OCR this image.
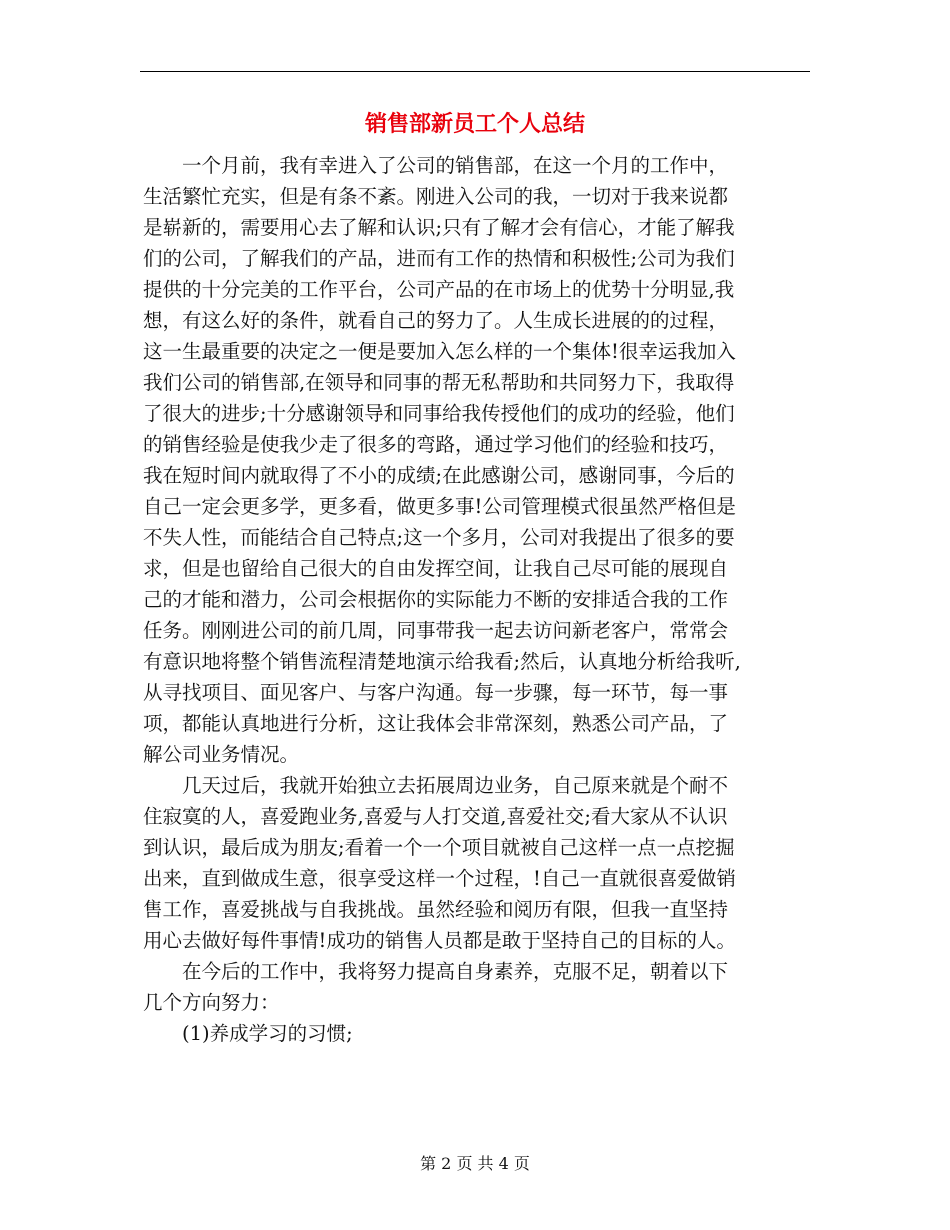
销售部新员工个人总结
　　一个月前，我有幸进入了公司的销售部，在这一个月的工作中，
生活繁忙充实，但是有条不紊。刚进入公司的我，一切对于我来说都
是崭新的，需要用心去了解和认识;只有了解才会有信心，才能了解我
们的公司，了解我们的产品，进而有工作的热情和积极性;公司为我们
提供的十分完美的工作平台，公司产品的在市场上的优势十分明显,我
想，有这么好的条件，就看自己的努力了。人生成长进展的的过程，
这一生最重要的决定之一便是要加入怎么样的一个集体!很幸运我加入
我们公司的销售部,在领导和同事的帮无私帮助和共同努力下，我取得
了很大的进步;十分感谢领导和同事给我传授他们的成功的经验，他们
的销售经验是使我少走了很多的弯路，通过学习他们的经验和技巧，
我在短时间内就取得了不小的成绩;在此感谢公司，感谢同事，今后的
自己一定会更多学，更多看，做更多事!公司管理模式很虽然严格但是
不失人性，而能结合自己特点;这一个多月，公司对我提出了很多的要
求，但是也留给自己很大的自由发挥空间，让我自己尽可能的展现自
己的才能和潜力，公司会根据你的实际能力不断的安排适合我的工作
任务。刚刚进公司的前几周，同事带我一起去访问新老客户，常常会
有意识地将整个销售流程清楚地演示给我看;然后，认真地分析给我听,
从寻找项目、面见客户、与客户沟通。每一步骤，每一环节，每一事
项，都能认真地进行分析，这让我体会非常深刻，熟悉公司产品，了
解公司业务情况。
　　几天过后，我就开始独立去拓展周边业务，自己原来就是个耐不
住寂寞的人，喜爱跑业务,喜爱与人打交道,喜爱社交;看大家从不认识
到认识，最后成为朋友;看着一个一个项目就被自己这样一点一点挖掘
出来，直到做成生意，很享受这样一个过程，!自己一直就很喜爱做销
售工作，喜爱挑战与自我挑战。虽然经验和阅历有限，但我一直坚持
用心去做好每件事情!成功的销售人员都是敢于坚持自己的目标的人。
　　在今后的工作中，我将努力提高自身素养，克服不足，朝着以下
几个方向努力：
　　(1)养成学习的习惯;
第 2 页 共 4 页
